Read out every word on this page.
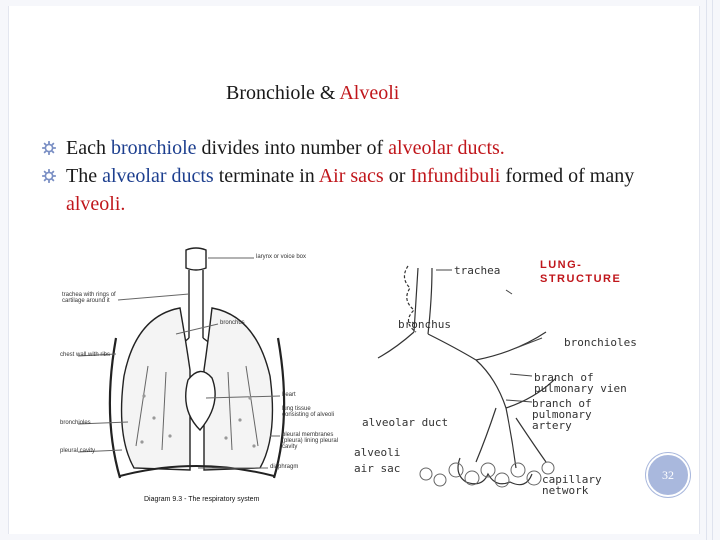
Bronchiole & Alveoli
Each bronchiole divides into number of alveolar ducts.
The alveolar ducts terminate in Air sacs or Infundibuli formed of many alveoli.
larynx or voice box
trachea with rings of cartilage around it
bronchus
chest wall with ribs
heart
lung tissue consisting of alveoli
bronchioles
pleural membranes (pleura) lining pleural cavity
pleural cavity
diaphragm
Diagram 9.3 - The respiratory system
LUNG-
STRUCTURE
trachea
bronchus
bronchioles
branch of pulmonary vien
branch of pulmonary artery
alveolar duct
alveoli
air sac
capillary network
32
